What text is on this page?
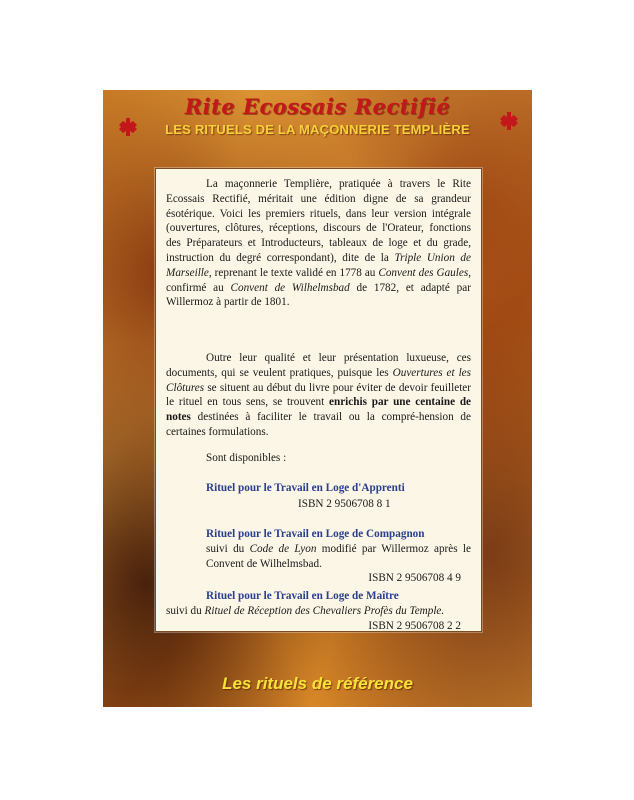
Rite Ecossais Rectifié
LES RITUELS DE LA MAÇONNERIE TEMPLIÈRE
La maçonnerie Templière, pratiquée à travers le Rite Ecossais Rectifié, méritait une édition digne de sa grandeur ésotérique. Voici les premiers rituels, dans leur version intégrale (ouvertures, clôtures, réceptions, discours de l'Orateur, fonctions des Préparateurs et Introducteurs, tableaux de loge et du grade, instruction du degré correspondant), dite de la Triple Union de Marseille, reprenant le texte validé en 1778 au Convent des Gaules, confirmé au Convent de Wilhelmsbad de 1782, et adapté par Willermoz à partir de 1801.
Outre leur qualité et leur présentation luxueuse, ces documents, qui se veulent pratiques, puisque les Ouvertures et les Clôtures se situent au début du livre pour éviter de devoir feuilleter le rituel en tous sens, se trouvent enrichis par une centaine de notes destinées à faciliter le travail ou la compré-hension de certaines formulations.
Sont disponibles :
Rituel pour le Travail en Loge d'Apprenti
ISBN 2 9506708 8 1
Rituel pour le Travail en Loge de Compagnon
suivi du Code de Lyon modifié par Willermoz après le Convent de Wilhelmsbad.
ISBN 2 9506708 4 9
Rituel pour le Travail en Loge de Maître
suivi du Rituel de Réception des Chevaliers Profès du Temple.
ISBN 2 9506708 2 2
Les rituels de référence
